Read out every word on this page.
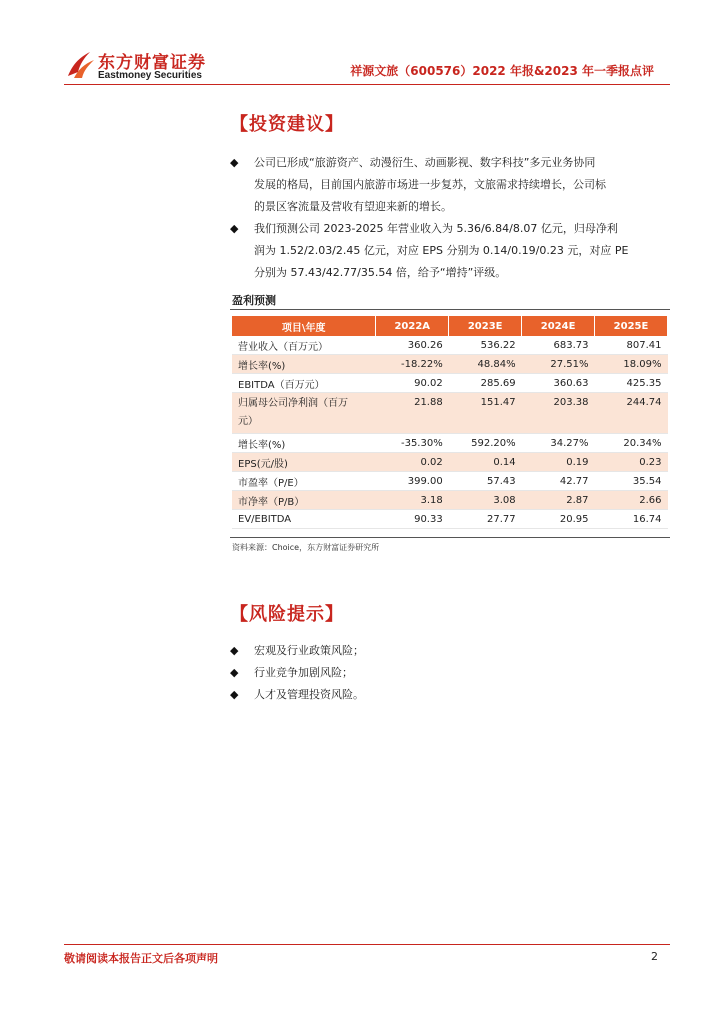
东方财富证券
Eastmoney Securities	祥源文旅（600576）2022 年报&2023 年一季报点评
【投资建议】
◆ 公司已形成“旅游资产、动漫衍生、动画影视、数字科技”多元业务协同
发展的格局，目前国内旅游市场进一步复苏，文旅需求持续增长，公司标
的景区客流量及营收有望迎来新的增长。
◆ 我们预测公司 2023-2025 年营业收入为 5.36/6.84/8.07 亿元，归母净利
润为 1.52/2.03/2.45 亿元，对应 EPS 分别为 0.14/0.19/0.23 元，对应 PE
分别为 57.43/42.77/35.54 倍，给予“增持”评级。
盈利预测
项目\年度	2022A	2023E	2024E	2025E
营业收入（百万元）	360.26	536.22	683.73	807.41
增长率(%)	-18.22%	48.84%	27.51%	18.09%
EBITDA（百万元）	90.02	285.69	360.63	425.35
归属母公司净利润（百万
元）	21.88	151.47	203.38	244.74
增长率(%)	-35.30%	592.20%	34.27%	20.34%
EPS(元/股)	0.02	0.14	0.19	0.23
市盈率（P/E）	399.00	57.43	42.77	35.54
市净率（P/B）	3.18	3.08	2.87	2.66
EV/EBITDA	90.33	27.77	20.95	16.74
资料来源：Choice，东方财富证券研究所
【风险提示】
◆ 宏观及行业政策风险；
◆ 行业竞争加剧风险；
◆ 人才及管理投资风险。
敬请阅读本报告正文后各项声明	2
